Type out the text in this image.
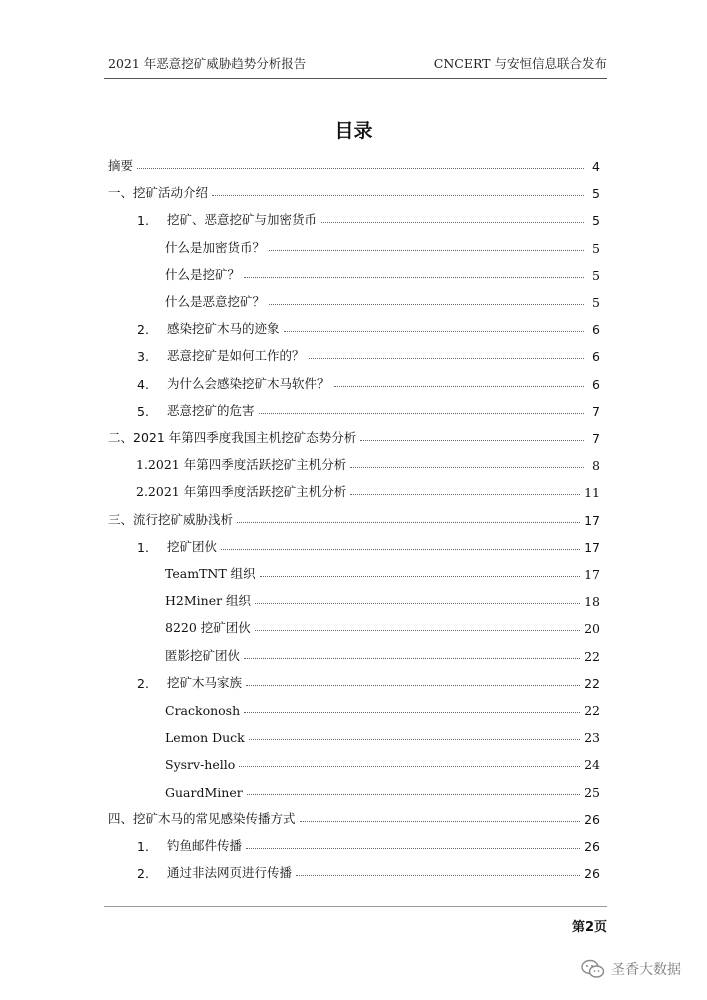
2021 年恶意挖矿威胁趋势分析报告	CNCERT 与安恒信息联合发布
目录
摘要	4
一、挖矿活动介绍	5
1.	挖矿、恶意挖矿与加密货币	5
什么是加密货币？	5
什么是挖矿？	5
什么是恶意挖矿？	5
2.	感染挖矿木马的迹象	6
3.	恶意挖矿是如何工作的？	6
4.	为什么会感染挖矿木马软件？	6
5.	恶意挖矿的危害	7
二、2021 年第四季度我国主机挖矿态势分析	7
1.2021 年第四季度活跃挖矿主机分析	8
2.2021 年第四季度活跃挖矿主机分析	11
三、流行挖矿威胁浅析	17
1.	挖矿团伙	17
TeamTNT 组织	17
H2Miner 组织	18
8220 挖矿团伙	20
匿影挖矿团伙	22
2.	挖矿木马家族	22
Crackonosh	22
Lemon Duck	23
Sysrv-hello	24
GuardMiner	25
四、挖矿木马的常见感染传播方式	26
1.	钓鱼邮件传播	26
2.	通过非法网页进行传播	26
第2页
圣香大数据
